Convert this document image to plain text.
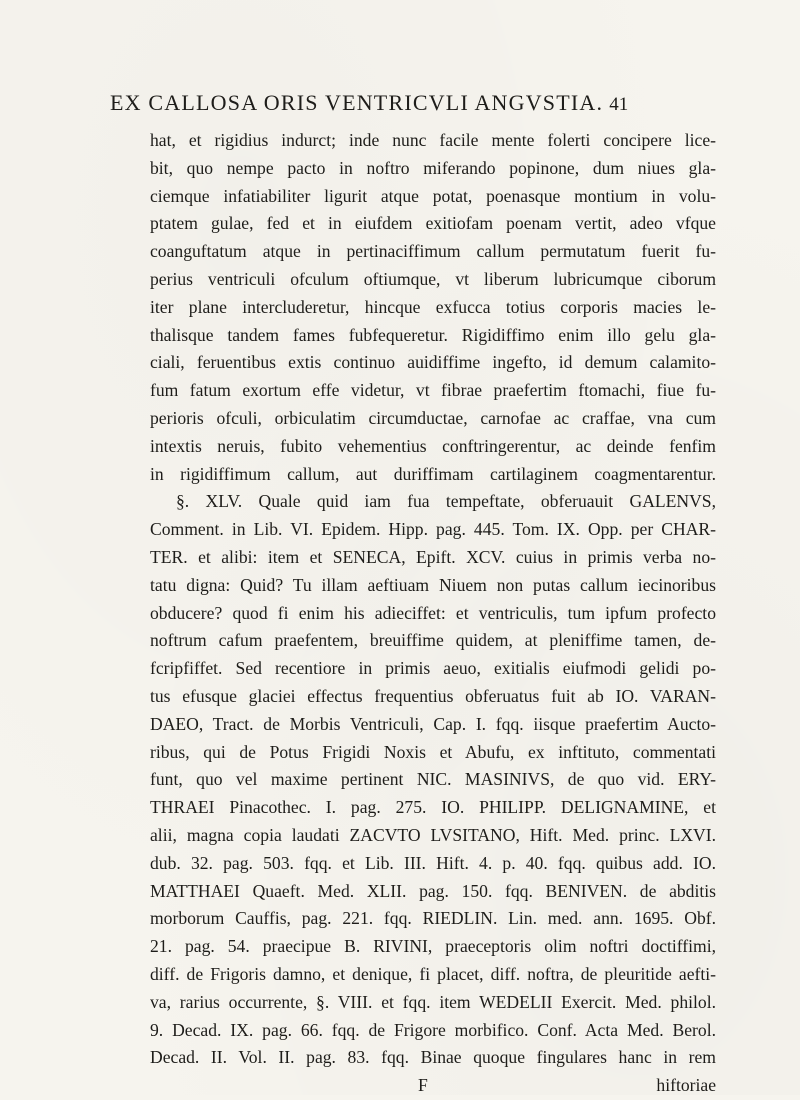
EX CALLOSA ORIS VENTRICVLI ANGVSTIA. 41
hat, et rigidius indurct; inde nunc facile mente folerti concipere lice-
bit, quo nempe pacto in noftro miferando popinone, dum niues gla-
ciemque infatiabiliter ligurit atque potat, poenasque montium in volu-
ptatem gulae, fed et in eiufdem exitiofam poenam vertit, adeo vfque
coanguftatum atque in pertinaciffimum callum permutatum fuerit fu-
perius ventriculi ofculum oftiumque, vt liberum lubricumque ciborum
iter plane intercluderetur, hincque exfucca totius corporis macies le-
thalisque tandem fames fubfequeretur. Rigidiffimo enim illo gelu gla-
ciali, feruentibus extis continuo auidiffime ingefto, id demum calamito-
fum fatum exortum effe videtur, vt fibrae praefertim ftomachi, fiue fu-
perioris ofculi, orbiculatim circumductae, carnofae ac craffae, vna cum
intextis neruis, fubito vehementius conftringerentur, ac deinde fenfim
in rigidiffimum callum, aut duriffimam cartilaginem coagmentarentur.
§. XLV. Quale quid iam fua tempeftate, obferuauit GALENVS,
Comment. in Lib. VI. Epidem. Hipp. pag. 445. Tom. IX. Opp. per CHAR-
TER. et alibi: item et SENECA, Epift. XCV. cuius in primis verba no-
tatu digna: Quid? Tu illam aeftiuam Niuem non putas callum iecinoribus
obducere? quod fi enim his adieciffet: et ventriculis, tum ipfum profecto
noftrum cafum praefentem, breuiffime quidem, at pleniffime tamen, de-
fcripfiffet. Sed recentiore in primis aeuo, exitialis eiufmodi gelidi po-
tus efusque glaciei effectus frequentius obferuatus fuit ab IO. VARAN-
DAEO, Tract. de Morbis Ventriculi, Cap. I. fqq. iisque praefertim Aucto-
ribus, qui de Potus Frigidi Noxis et Abufu, ex inftituto, commentati
funt, quo vel maxime pertinent NIC. MASINIVS, de quo vid. ERY-
THRAEI Pinacothec. I. pag. 275. IO. PHILIPP. DELIGNAMINE, et
alii, magna copia laudati ZACVTO LVSITANO, Hift. Med. princ. LXVI.
dub. 32. pag. 503. fqq. et Lib. III. Hift. 4. p. 40. fqq. quibus add. IO.
MATTHAEI Quaeft. Med. XLII. pag. 150. fqq. BENIVEN. de abditis
morborum Cauffis, pag. 221. fqq. RIEDLIN. Lin. med. ann. 1695. Obf.
21. pag. 54. praecipue B. RIVINI, praeceptoris olim noftri doctiffimi,
diff. de Frigoris damno, et denique, fi placet, diff. noftra, de pleuritide aefti-
va, rarius occurrente, §. VIII. et fqq. item WEDELII Exercit. Med. philol.
9. Decad. IX. pag. 66. fqq. de Frigore morbifico. Conf. Acta Med. Berol.
Decad. II. Vol. II. pag. 83. fqq. Binae quoque fingulares hanc in rem
F	hiftoriae
